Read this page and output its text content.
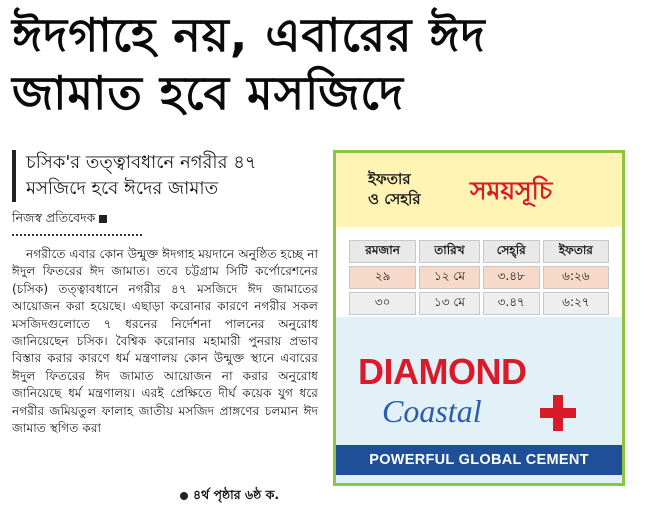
ঈদগাহে নয়, এবারের ঈদ
জামাত হবে মসজিদে
চসিক'র তত্ত্বাবধানে নগরীর ৪৭
মসজিদে হবে ঈদের জামাত
নিজস্ব প্রতিবেদক

নগরীতে এবার কোন উন্মুক্ত ঈদগাহ ময়দানে অনুষ্ঠিত হচ্ছে না ঈদুল ফিতরের ঈদ জামাত। তবে চট্টগ্রাম সিটি কর্পোরেশনের (চসিক) তত্ত্বাবধানে নগরীর ৪৭ মসজিদে ঈদ জামাতের আয়োজন করা হয়েছে। এছাড়া করোনার কারণে নগরীর সকল মসজিদগুলোতে ৭ ধরনের নির্দেশনা পালনের অনুরোধ জানিয়েছেন চসিক। বৈশ্বিক করোনার মহামারী পুনরায় প্রভাব বিস্তার করার কারণে ধর্ম মন্ত্রণালয় কোন উন্মুক্ত স্থানে এবারের ঈদুল ফিতরের ঈদ জামাত আয়োজন না করার অনুরোধ জানিয়েছে ধর্ম মন্ত্রণালয়। এরই প্রেক্ষিতে দীর্ঘ কয়েক যুগ ধরে নগরীর জমিয়তুল ফালাহ জাতীয় মসজিদ প্রাঙ্গণের চলমান ঈদ জামাত স্থগিত করা

৪র্থ পৃষ্ঠার ৬ষ্ঠ ক.
ইফতার
ও সেহরি সময়সূচি
রমজান	তারিখ	সেহ্‌রি	ইফতার
২৯	১২ মে	৩.৪৮	৬:২৬
৩০	১৩ মে	৩.৪৭	৬:২৭
DIAMOND
Coastal
POWERFUL GLOBAL CEMENT
